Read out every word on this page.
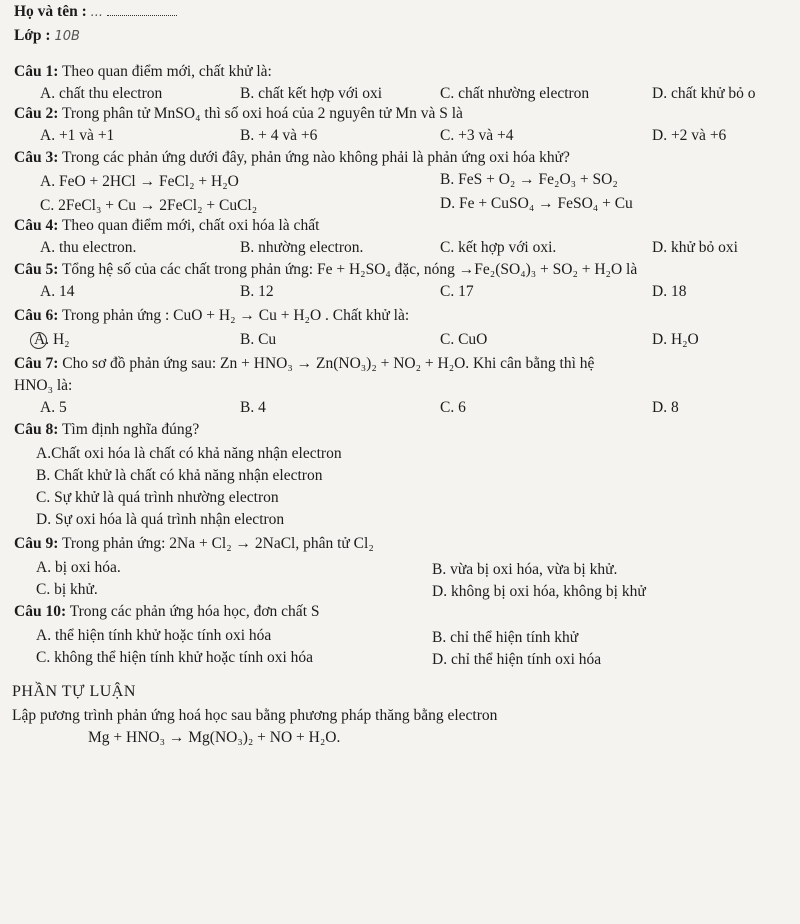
Họ và tên : ...
Lớp : 10B
Câu 1: Theo quan điểm mới, chất khử là:
A. chất thu electron	B. chất kết hợp với oxi	C. chất nhường electron	D. chất khử bỏ o
Câu 2: Trong phân tử MnSO₄ thì số oxi hoá của 2 nguyên tử Mn và S là
A. +1 và +1	B. + 4 và +6	C. +3 và +4	D. +2 và +6
Câu 3: Trong các phản ứng dưới đây, phản ứng nào không phải là phản ứng oxi hóa khử?
A. FeO + 2HCl → FeCl₂ + H₂O	B. FeS + O₂ → Fe₂O₃ + SO₂
C. 2FeCl₃ + Cu → 2FeCl₂ + CuCl₂	D. Fe + CuSO₄ → FeSO₄ + Cu
Câu 4: Theo quan điểm mới, chất oxi hóa là chất
A. thu electron.	B. nhường electron.	C. kết hợp với oxi.	D. khử bỏ oxi
Câu 5: Tổng hệ số của các chất trong phản ứng: Fe + H₂SO₄ đặc, nóng →Fe₂(SO₄)₃ + SO₂ + H₂O là
A. 14	B. 12	C. 17	D. 18
Câu 6: Trong phản ứng : CuO + H₂ → Cu + H₂O . Chất khử là:
A. H₂	B. Cu	C. CuO	D. H₂O
Câu 7: Cho sơ đồ phản ứng sau: Zn + HNO₃ → Zn(NO₃)₂ + NO₂ + H₂O. Khi cân bằng thì hệ
HNO₃ là:
A. 5	B. 4	C. 6	D. 8
Câu 8: Tìm định nghĩa đúng?
A.Chất oxi hóa là chất có khả năng nhận electron
B. Chất khử là chất có khả năng nhận electron
C. Sự khử là quá trình nhường electron
D. Sự oxi hóa là quá trình nhận electron
Câu 9: Trong phản ứng: 2Na + Cl₂ → 2NaCl, phân tử Cl₂
A. bị oxi hóa.	B. vừa bị oxi hóa, vừa bị khử.
C. bị khử.	D. không bị oxi hóa, không bị khử
Câu 10: Trong các phản ứng hóa học, đơn chất S
A. thể hiện tính khử hoặc tính oxi hóa	B. chỉ thể hiện tính khử
C. không thể hiện tính khử hoặc tính oxi hóa	D. chỉ thể hiện tính oxi hóa
PHẦN TỰ LUẬN
Lập pương trình phản ứng hoá học sau bằng phương pháp thăng bằng electron
Mg + HNO₃ → Mg(NO₃)₂ + NO + H₂O.
